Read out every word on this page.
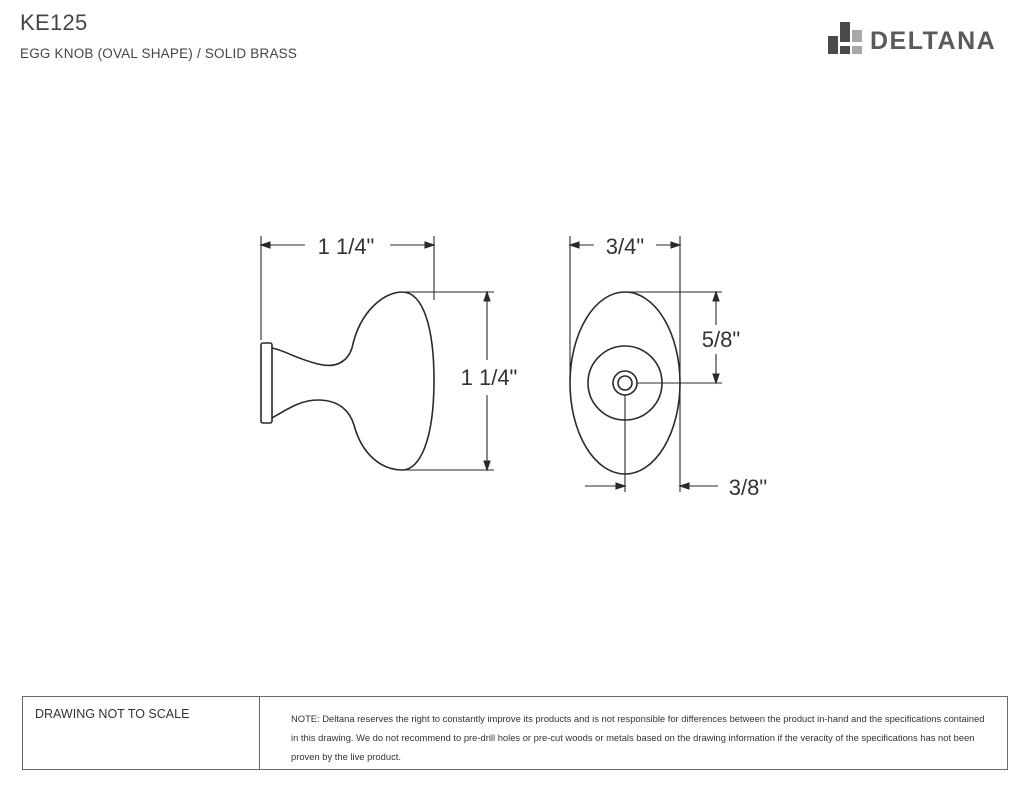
KE125
EGG KNOB (OVAL SHAPE) / SOLID BRASS	DELTANA
1 1/4"
1 1/4"
3/4"
5/8"
3/8"
DRAWING NOT TO SCALE	NOTE: Deltana reserves the right to constantly improve its products and is not responsible for differences between the product in-hand and the specifications contained in this drawing. We do not recommend to pre-drill holes or pre-cut woods or metals based on the drawing information if the veracity of the specifications has not been proven by the live product.
